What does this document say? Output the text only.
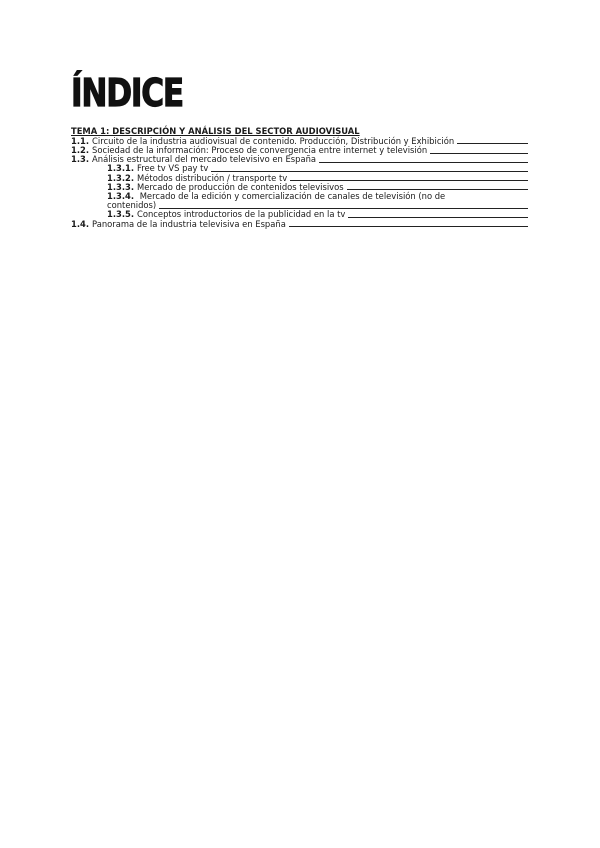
ÍNDICE
TEMA 1: DESCRIPCIÓN Y ANÁLISIS DEL SECTOR AUDIOVISUAL
1.1. Circuito de la industria audiovisual de contenido. Producción, Distribución y Exhibición
1.2. Sociedad de la información: Proceso de convergencia entre internet y televisión
1.3. Análisis estructural del mercado televisivo en España
1.3.1. Free tv VS pay tv
1.3.2. Métodos distribución / transporte tv
1.3.3. Mercado de producción de contenidos televisivos
1.3.4. Mercado de la edición y comercialización de canales de televisión (no de
contenidos)
1.3.5. Conceptos introductorios de la publicidad en la tv
1.4. Panorama de la industria televisiva en España
